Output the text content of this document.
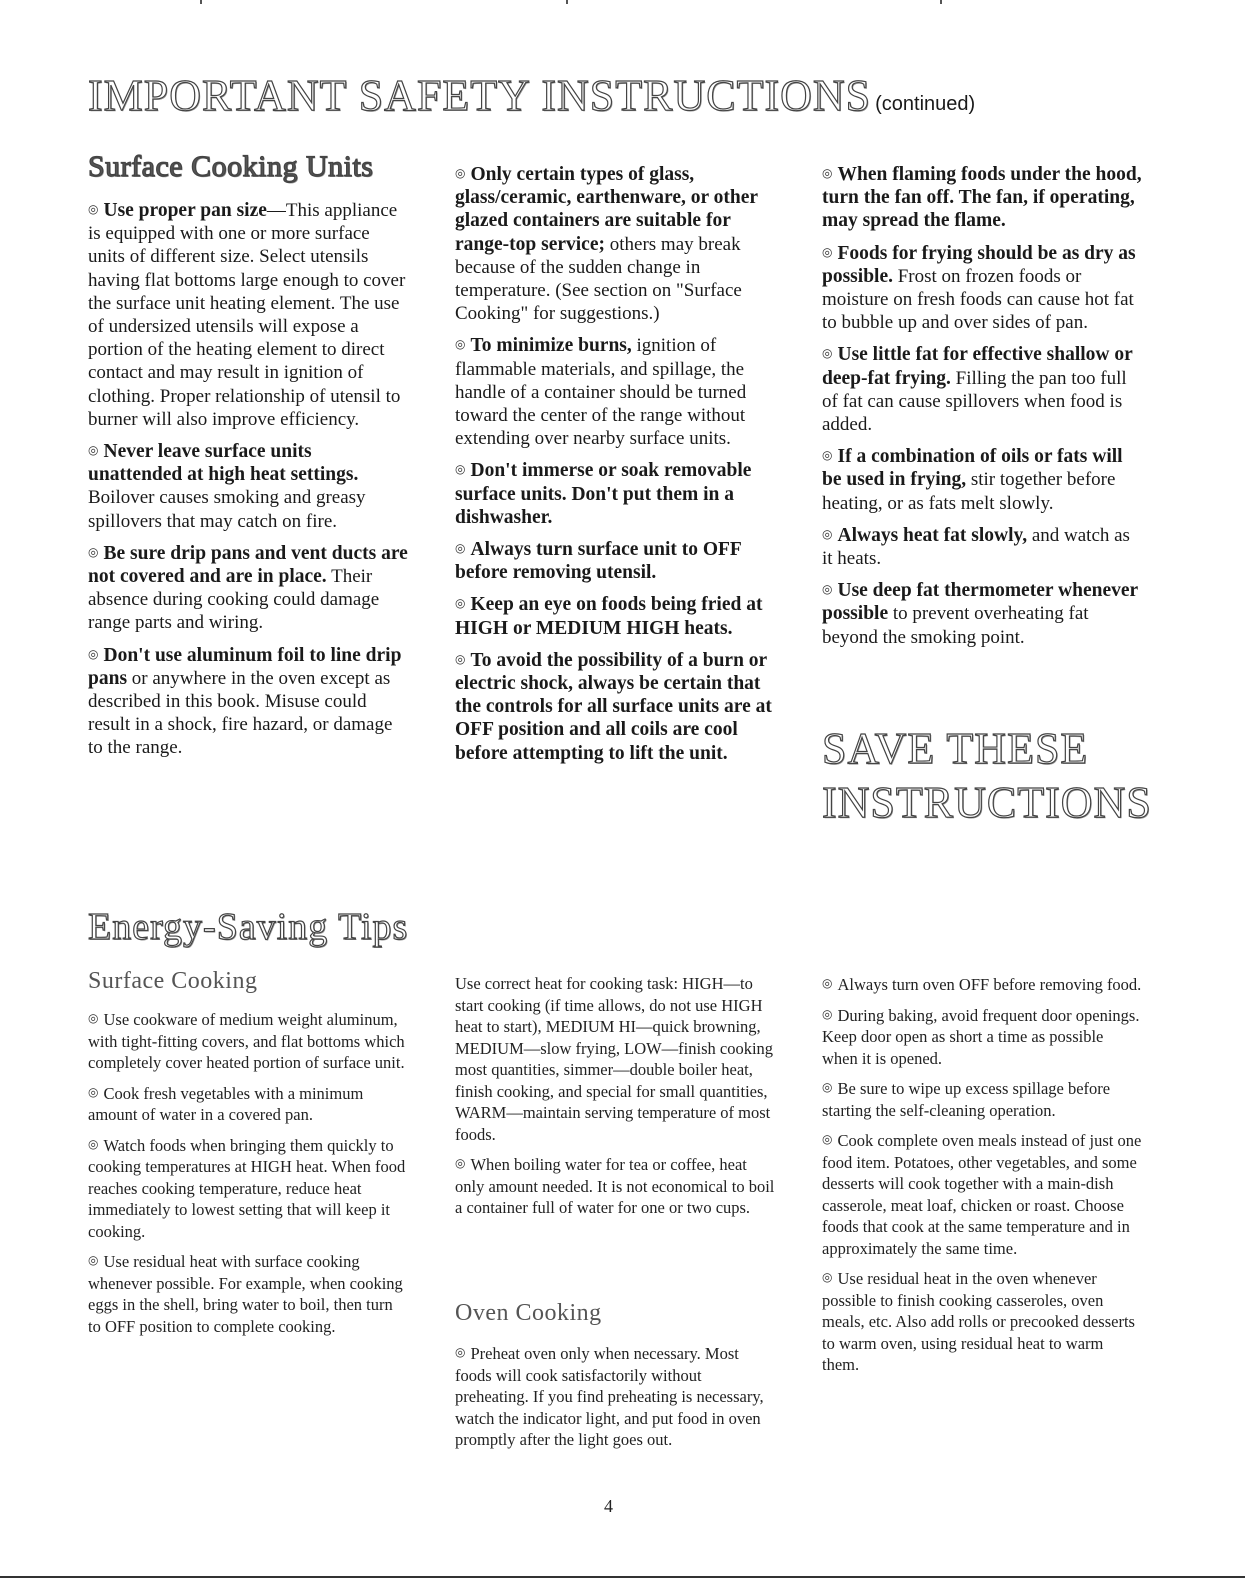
IMPORTANT SAFETY INSTRUCTIONS (continued)
Surface Cooking Units

◎ Use proper pan size—This appliance is equipped with one or more surface units of different size. Select utensils having flat bottoms large enough to cover the surface unit heating element. The use of undersized utensils will expose a portion of the heating element to direct contact and may result in ignition of clothing. Proper relationship of utensil to burner will also improve efficiency.

◎ Never leave surface units unattended at high heat settings. Boilover causes smoking and greasy spillovers that may catch on fire.

◎ Be sure drip pans and vent ducts are not covered and are in place. Their absence during cooking could damage range parts and wiring.

◎ Don't use aluminum foil to line drip pans or anywhere in the oven except as described in this book. Misuse could result in a shock, fire hazard, or damage to the range.

◎ Only certain types of glass, glass/ceramic, earthenware, or other glazed containers are suitable for range-top service; others may break because of the sudden change in temperature. (See section on "Surface Cooking" for suggestions.)

◎ To minimize burns, ignition of flammable materials, and spillage, the handle of a container should be turned toward the center of the range without extending over nearby surface units.

◎ Don't immerse or soak removable surface units. Don't put them in a dishwasher.

◎ Always turn surface unit to OFF before removing utensil.

◎ Keep an eye on foods being fried at HIGH or MEDIUM HIGH heats.

◎ To avoid the possibility of a burn or electric shock, always be certain that the controls for all surface units are at OFF position and all coils are cool before attempting to lift the unit.

◎ When flaming foods under the hood, turn the fan off. The fan, if operating, may spread the flame.

◎ Foods for frying should be as dry as possible. Frost on frozen foods or moisture on fresh foods can cause hot fat to bubble up and over sides of pan.

◎ Use little fat for effective shallow or deep-fat frying. Filling the pan too full of fat can cause spillovers when food is added.

◎ If a combination of oils or fats will be used in frying, stir together before heating, or as fats melt slowly.

◎ Always heat fat slowly, and watch as it heats.

◎ Use deep fat thermometer whenever possible to prevent overheating fat beyond the smoking point.

SAVE THESE
INSTRUCTIONS
Energy-Saving Tips
Surface Cooking

◎ Use cookware of medium weight aluminum, with tight-fitting covers, and flat bottoms which completely cover heated portion of surface unit.

◎ Cook fresh vegetables with a minimum amount of water in a covered pan.

◎ Watch foods when bringing them quickly to cooking temperatures at HIGH heat. When food reaches cooking temperature, reduce heat immediately to lowest setting that will keep it cooking.

◎ Use residual heat with surface cooking whenever possible. For example, when cooking eggs in the shell, bring water to boil, then turn to OFF position to complete cooking.

Use correct heat for cooking task: HIGH—to start cooking (if time allows, do not use HIGH heat to start), MEDIUM HI—quick browning, MEDIUM—slow frying, LOW—finish cooking most quantities, simmer—double boiler heat, finish cooking, and special for small quantities, WARM—maintain serving temperature of most foods.

◎ When boiling water for tea or coffee, heat only amount needed. It is not economical to boil a container full of water for one or two cups.

Oven Cooking

◎ Preheat oven only when necessary. Most foods will cook satisfactorily without preheating. If you find preheating is necessary, watch the indicator light, and put food in oven promptly after the light goes out.

◎ Always turn oven OFF before removing food.

◎ During baking, avoid frequent door openings. Keep door open as short a time as possible when it is opened.

◎ Be sure to wipe up excess spillage before starting the self-cleaning operation.

◎ Cook complete oven meals instead of just one food item. Potatoes, other vegetables, and some desserts will cook together with a main-dish casserole, meat loaf, chicken or roast. Choose foods that cook at the same temperature and in approximately the same time.

◎ Use residual heat in the oven whenever possible to finish cooking casseroles, oven meals, etc. Also add rolls or precooked desserts to warm oven, using residual heat to warm them.

4
